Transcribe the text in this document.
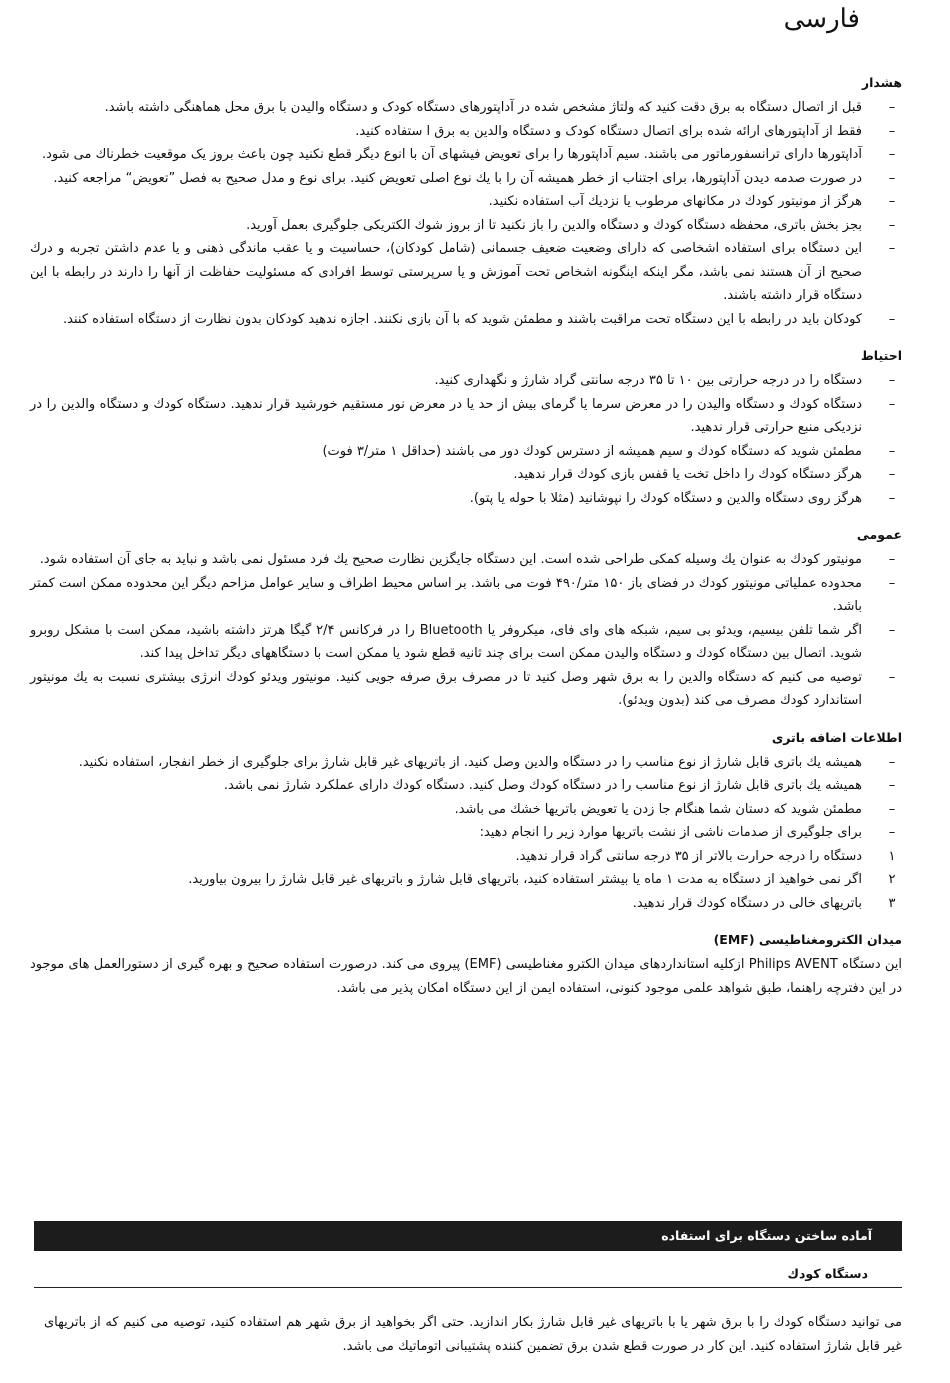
فارسی
هشدار
–
قبل از اتصال دستگاه به برق دقت کنید که ولتاژ مشخص شده در آداپتورهای دستگاه کودک و دستگاه والیدن با برق محل هماهنگی داشته باشد.
–
فقط از آداپتورهای ارائه شده برای اتصال دستگاه کودک و دستگاه والدین به برق ا ستفاده کنید.
–
آداپتورها دارای ترانسفورماتور می باشند. سیم آداپتورها را برای تعویض فیشهای آن با انوع دیگر قطع نکنید چون باعث بروز یک موقعیت خطرناك می شود.
–
در صورت صدمه دیدن آداپتورها، برای اجتناب از خطر همیشه آن را با یك نوع اصلی تعویض کنید. برای نوع و مدل صحیح به فصل ”تعویض“ مراجعه کنید.
–
هرگز از مونیتور کودك در مکانهای مرطوب یا نزدیك آب استفاده نکنید.
–
بجز بخش باتری، محفظه دستگاه کودك و دستگاه والدین را باز نکنید تا از بروز شوك الکتریکی جلوگیری بعمل آورید.
–
این دستگاه برای استفاده اشخاصی که دارای وضعیت ضعیف جسمانی (شامل کودکان)، حساسیت و یا عقب ماندگی ذهنی و یا عدم داشتن تجربه و درك صحیح از آن هستند نمی باشد، مگر اینکه اینگونه اشخاص تحت آموزش و یا سرپرستی توسط افرادی که مسئولیت حفاظت از آنها را دارند در رابطه با این دستگاه قرار داشته باشند.
–
کودکان باید در رابطه با این دستگاه تحت مراقبت باشند و مطمئن شوید که با آن بازی نکنند. اجازه ندهید کودکان بدون نظارت از دستگاه استفاده کنند.
احتیاط
–
دستگاه را در درجه حرارتی بین ۱۰ تا ۳۵ درجه سانتی گراد شارژ و نگهداری کنید.
–
دستگاه کودك و دستگاه والیدن را در معرض سرما یا گرمای بیش از حد یا در معرض نور مستقیم خورشید قرار ندهید. دستگاه کودك و دستگاه والدین را در نزدیکی منبع حرارتی قرار ندهید.
–
مطمئن شوید که دستگاه کودك و سیم همیشه از دسترس کودك دور می باشند (حداقل ۱ متر/۳ فوت)
–
هرگز دستگاه کودك را داخل تخت یا قفس بازی کودك قرار ندهید.
–
هرگز روی دستگاه والدین و دستگاه کودك را نپوشانید (مثلا با حوله یا پتو).
عمومی
–
مونیتور کودك به عنوان یك وسیله کمکی طراحی شده است. این دستگاه جایگزین نظارت صحیح یك فرد مسئول نمی باشد و نباید به جای آن استفاده شود.
–
محدوده عملیاتی مونیتور کودك در فضای باز ۱۵۰ متر/۴۹۰ فوت می باشد. بر اساس محیط اطراف و سایر عوامل مزاحم دیگر این محدوده ممکن است کمتر باشد.
–
اگر شما تلفن بیسیم، ویدئو بی سیم، شبکه های وای فای، میکروفر یا Bluetooth را در فرکانس ۲/۴ گیگا هرتز داشته باشید، ممکن است با مشکل روبرو شوید. اتصال بین دستگاه کودك و دستگاه والیدن ممکن است برای چند ثانیه قطع شود یا ممکن است با دستگاههای دیگر تداخل پیدا کند.
–
توصیه می کنیم که دستگاه والدین را به برق شهر وصل کنید تا در مصرف برق صرفه جویی کنید. مونیتور ویدئو کودك انرژی بیشتری نسبت به یك مونیتور استاندارد کودك مصرف می کند (بدون ویدئو).
اطلاعات اضافه باتری
–
همیشه یك باتری قابل شارژ از نوع مناسب را در دستگاه والدین وصل کنید. از باتریهای غیر قابل شارژ برای جلوگیری از خطر انفجار، استفاده نکنید.
–
همیشه یك باتری قابل شارژ از نوع مناسب را در دستگاه کودك وصل کنید. دستگاه کودك دارای عملکرد شارژ نمی باشد.
–
مطمئن شوید که دستان شما هنگام جا زدن یا تعویض باتریها خشك می باشد.
–
برای جلوگیری از صدمات ناشی از نشت باتریها موارد زیر را انجام دهید:
۱
دستگاه را درجه حرارت بالاتر از ۳۵ درجه سانتی گراد قرار ندهید.
۲
اگر نمی خواهید از دستگاه به مدت ۱ ماه یا بیشتر استفاده کنید، باتریهای قابل شارژ و باتریهای غیر قابل شارژ را بیرون بیاورید.
۳
باتریهای خالی در دستگاه کودك قرار ندهید.
میدان الکترومغناطیسی (EMF)

این دستگاه Philips AVENT ازکلیه استانداردهای میدان الکترو مغناطیسی (EMF) پیروی می کند. درصورت استفاده صحیح و بهره گیری از دستورالعمل های موجود در این دفترچه راهنما، طبق شواهد علمی موجود کنونی، استفاده ایمن از این دستگاه امکان پذیر می باشد.

آماده ساختن دستگاه برای استفاده
دستگاه کودك

می توانید دستگاه کودك را با برق شهر یا با باتریهای غیر قابل شارژ بکار اندازید. حتی اگر بخواهید از برق شهر هم استفاده کنید، توصیه می کنیم که از باتریهای غیر قابل شارژ استفاده کنید. این کار در صورت قطع شدن برق تضمین کننده پشتیبانی اتوماتیك می باشد.
